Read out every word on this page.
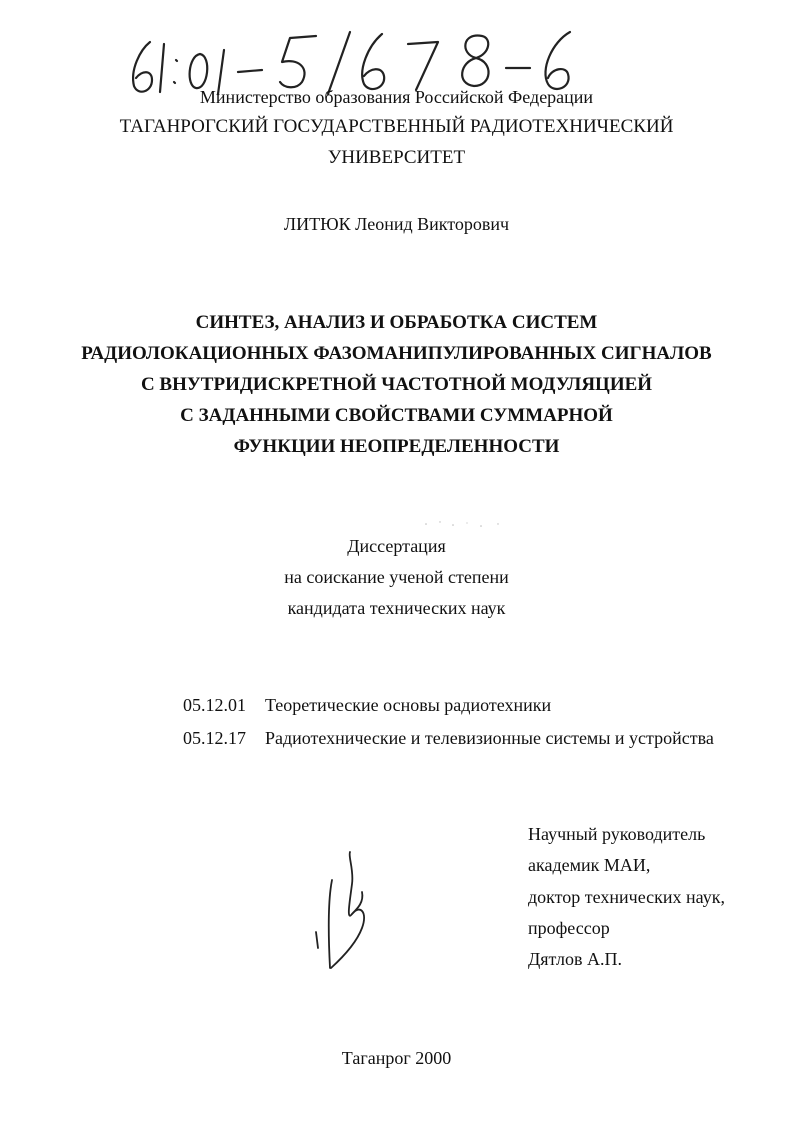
Министерство образования Российской Федерации
ТАГАНРОГСКИЙ ГОСУДАРСТВЕННЫЙ РАДИОТЕХНИЧЕСКИЙ
УНИВЕРСИТЕТ
ЛИТЮК Леонид Викторович
СИНТЕЗ, АНАЛИЗ И ОБРАБОТКА СИСТЕМ
РАДИОЛОКАЦИОННЫХ ФАЗОМАНИПУЛИРОВАННЫХ СИГНАЛОВ
С ВНУТРИДИСКРЕТНОЙ ЧАСТОТНОЙ МОДУЛЯЦИЕЙ
С ЗАДАННЫМИ СВОЙСТВАМИ СУММАРНОЙ
ФУНКЦИИ НЕОПРЕДЕЛЕННОСТИ
Диссертация
на соискание ученой степени
кандидата технических наук
05.12.01	Теоретические основы радиотехники
05.12.17	Радиотехнические и телевизионные системы и устройства
Научный руководитель
академик МАИ,
доктор технических наук,
профессор
Дятлов А.П.
Таганрог 2000
